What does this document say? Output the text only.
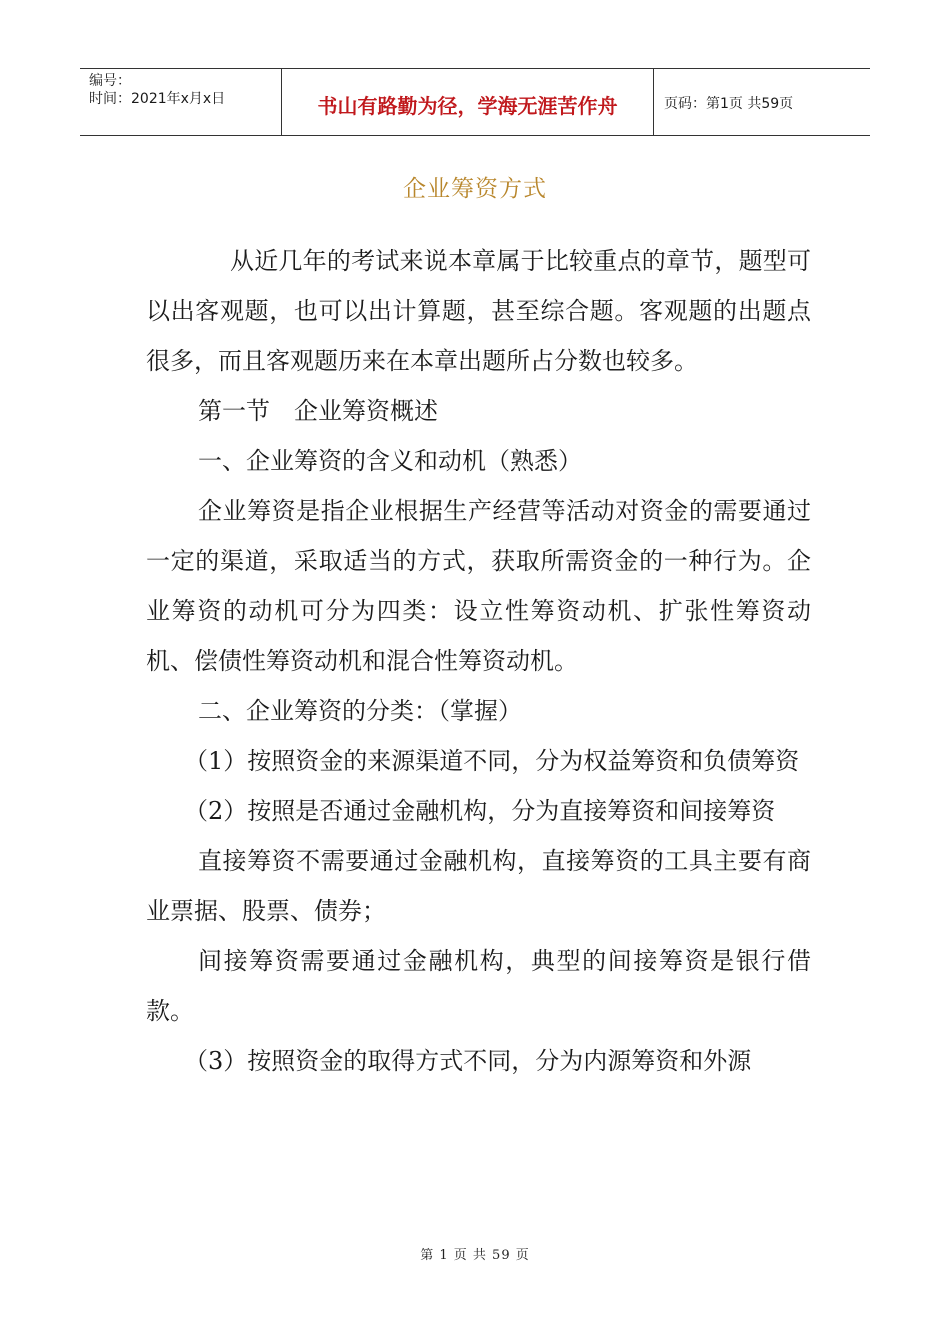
编号：
时间：2021年x月x日	书山有路勤为径，学海无涯苦作舟	页码：第1页 共59页
企业筹资方式

从近几年的考试来说本章属于比较重点的章节，题型可以出客观题，也可以出计算题，甚至综合题。客观题的出题点很多，而且客观题历来在本章出题所占分数也较多。

第一节　企业筹资概述

一、企业筹资的含义和动机（熟悉）

企业筹资是指企业根据生产经营等活动对资金的需要通过一定的渠道，采取适当的方式，获取所需资金的一种行为。企业筹资的动机可分为四类：设立性筹资动机、扩张性筹资动机、偿债性筹资动机和混合性筹资动机。

二、企业筹资的分类：（掌握）

（1）按照资金的来源渠道不同，分为权益筹资和负债筹资

（2）按照是否通过金融机构，分为直接筹资和间接筹资

直接筹资不需要通过金融机构，直接筹资的工具主要有商业票据、股票、债券；

间接筹资需要通过金融机构，典型的间接筹资是银行借款。

（3）按照资金的取得方式不同，分为内源筹资和外源

第 1 页 共 59 页
